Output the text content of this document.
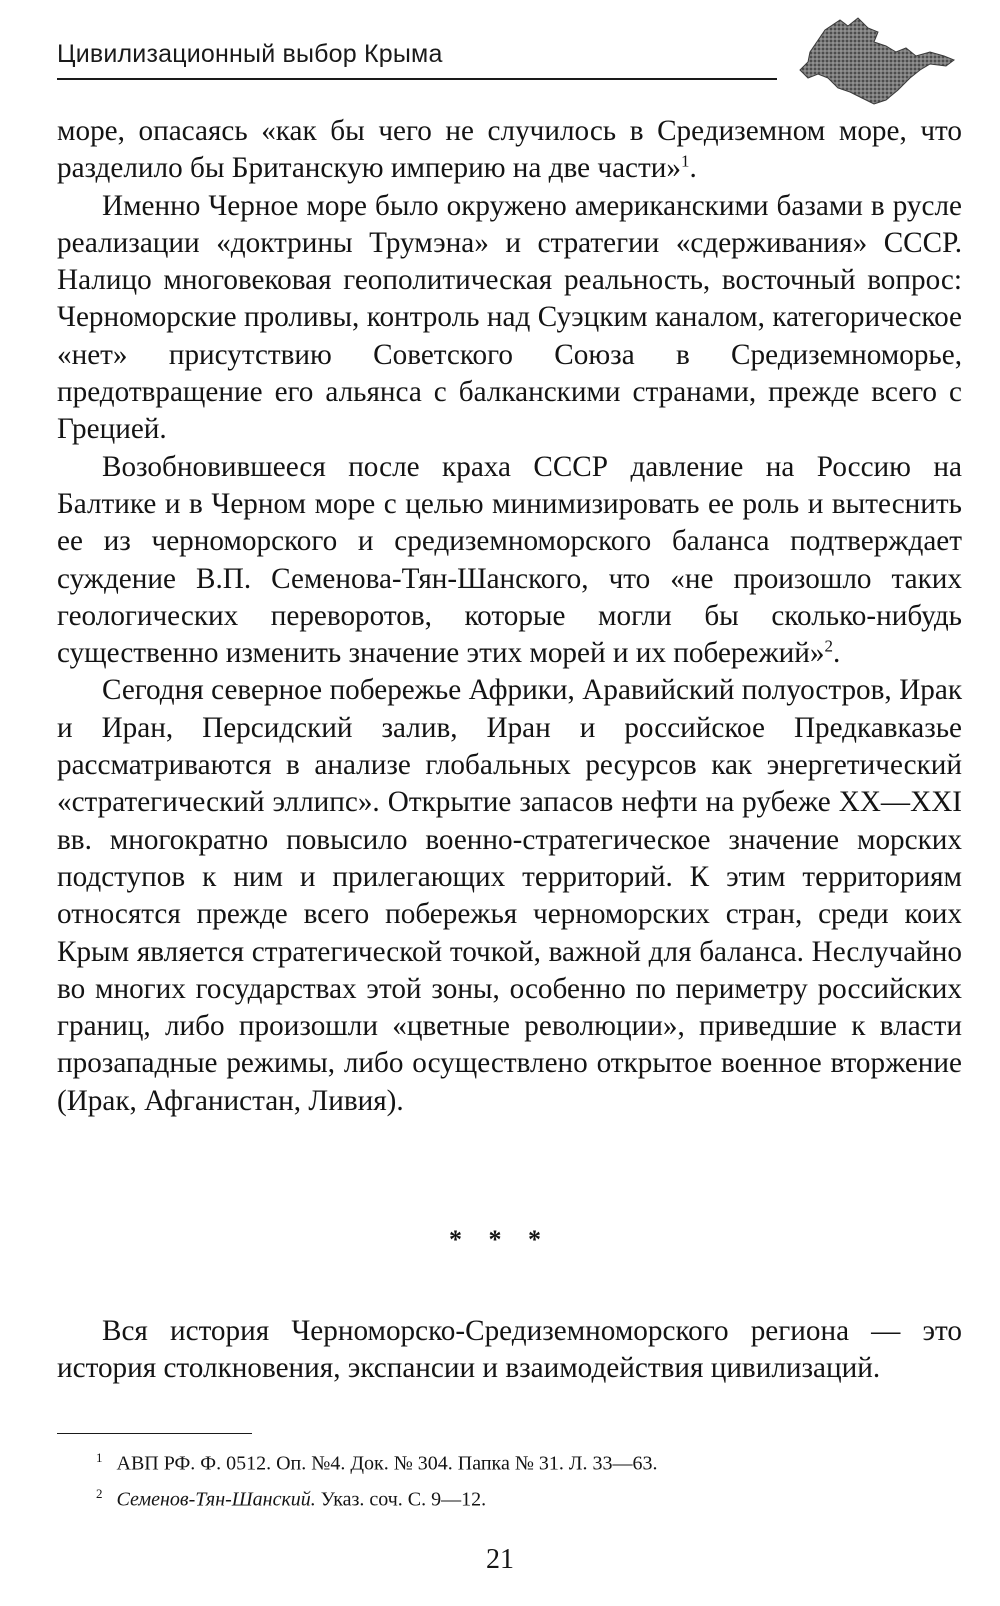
Цивилизационный выбор Крыма

море, опасаясь «как бы чего не случилось в Средиземном море, что разделило бы Британскую империю на две части»$^1$.

Именно Черное море было окружено американскими базами в русле реализации «доктрины Трумэна» и стратегии «сдерживания» СССР. Налицо многовековая геополитическая реальность, восточный вопрос: Черноморские проливы, контроль над Суэцким каналом, категорическое «нет» присутствию Советского Союза в Средиземноморье, предотвращение его альянса с балканскими странами, прежде всего с Грецией.

Возобновившееся после краха СССР давление на Россию на Балтике и в Черном море с целью минимизировать ее роль и вытеснить ее из черноморского и средиземноморского баланса подтверждает суждение В.П. Семенова-Тян-Шанского, что «не произошло таких геологических переворотов, которые могли бы сколько-нибудь существенно изменить значение этих морей и их побережий»$^2$.

Сегодня северное побережье Африки, Аравийский полуостров, Ирак и Иран, Персидский залив, Иран и российское Предкавказье рассматриваются в анализе глобальных ресурсов как энергетический «стратегический эллипс». Открытие запасов нефти на рубеже XX—XXI вв. многократно повысило военно-стратегическое значение морских подступов к ним и прилегающих территорий. К этим территориям относятся прежде всего побережья черноморских стран, среди коих Крым является стратегической точкой, важной для баланса. Неслучайно во многих государствах этой зоны, особенно по периметру российских границ, либо произошли «цветные революции», приведшие к власти прозападные режимы, либо осуществлено открытое военное вторжение (Ирак, Афганистан, Ливия).

* * *

Вся история Черноморско-Средиземноморского региона — это история столкновения, экспансии и взаимодействия цивилизаций.

$^1$ АВП РФ. Ф. 0512. Оп. №4. Док. № 304. Папка № 31. Л. 33—63.
$^2$ Семенов-Тян-Шанский. Указ. соч. С. 9—12.
21
